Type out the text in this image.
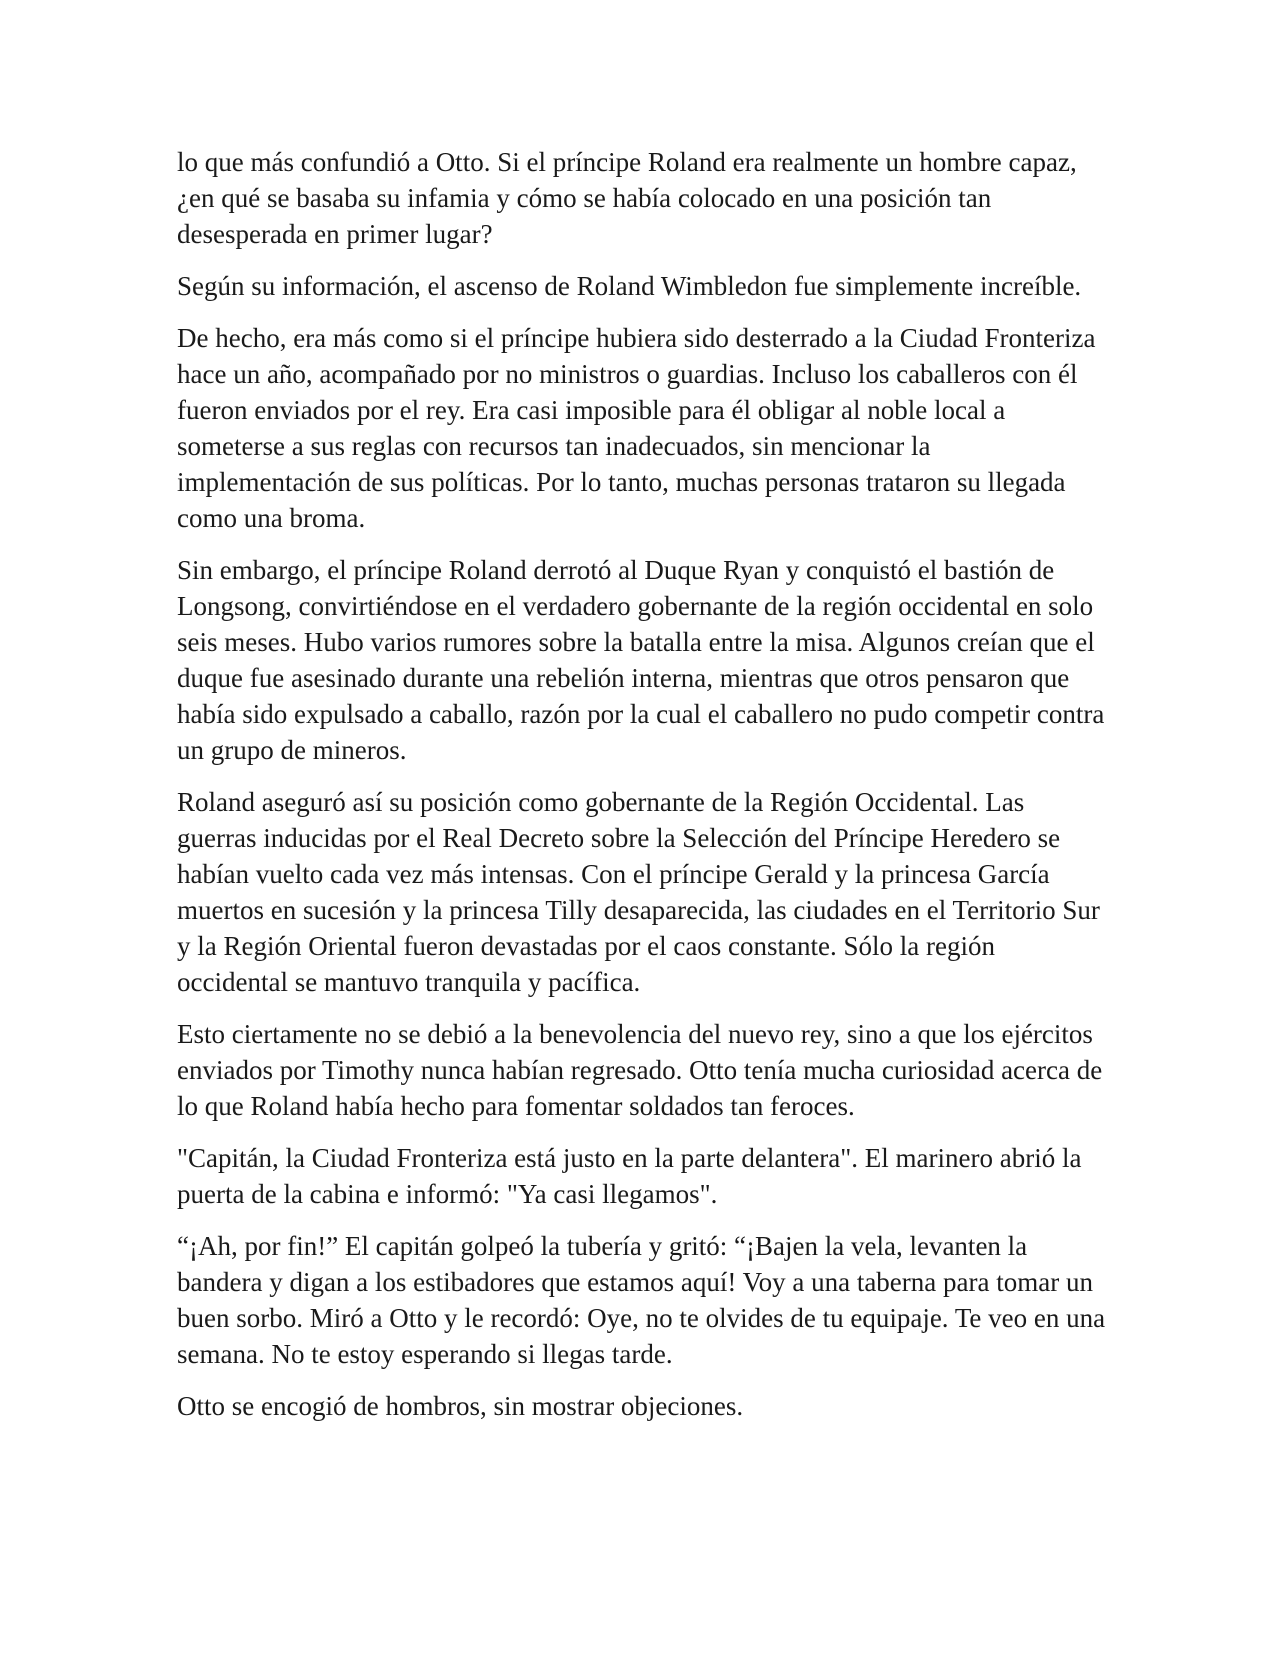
lo que más confundió a Otto. Si el príncipe Roland era realmente un hombre capaz, ¿en qué se basaba su infamia y cómo se había colocado en una posición tan desesperada en primer lugar?

Según su información, el ascenso de Roland Wimbledon fue simplemente increíble.

De hecho, era más como si el príncipe hubiera sido desterrado a la Ciudad Fronteriza hace un año, acompañado por no ministros o guardias. Incluso los caballeros con él fueron enviados por el rey. Era casi imposible para él obligar al noble local a someterse a sus reglas con recursos tan inadecuados, sin mencionar la implementación de sus políticas. Por lo tanto, muchas personas trataron su llegada como una broma.

Sin embargo, el príncipe Roland derrotó al Duque Ryan y conquistó el bastión de Longsong, convirtiéndose en el verdadero gobernante de la región occidental en solo seis meses. Hubo varios rumores sobre la batalla entre la misa. Algunos creían que el duque fue asesinado durante una rebelión interna, mientras que otros pensaron que había sido expulsado a caballo, razón por la cual el caballero no pudo competir contra un grupo de mineros.

Roland aseguró así su posición como gobernante de la Región Occidental. Las guerras inducidas por el Real Decreto sobre la Selección del Príncipe Heredero se habían vuelto cada vez más intensas. Con el príncipe Gerald y la princesa García muertos en sucesión y la princesa Tilly desaparecida, las ciudades en el Territorio Sur y la Región Oriental fueron devastadas por el caos constante. Sólo la región occidental se mantuvo tranquila y pacífica.

Esto ciertamente no se debió a la benevolencia del nuevo rey, sino a que los ejércitos enviados por Timothy nunca habían regresado. Otto tenía mucha curiosidad acerca de lo que Roland había hecho para fomentar soldados tan feroces.

"Capitán, la Ciudad Fronteriza está justo en la parte delantera". El marinero abrió la puerta de la cabina e informó: "Ya casi llegamos".

“¡Ah, por fin!” El capitán golpeó la tubería y gritó: “¡Bajen la vela, levanten la bandera y digan a los estibadores que estamos aquí! Voy a una taberna para tomar un buen sorbo. Miró a Otto y le recordó: Oye, no te olvides de tu equipaje. Te veo en una semana. No te estoy esperando si llegas tarde.

Otto se encogió de hombros, sin mostrar objeciones.
